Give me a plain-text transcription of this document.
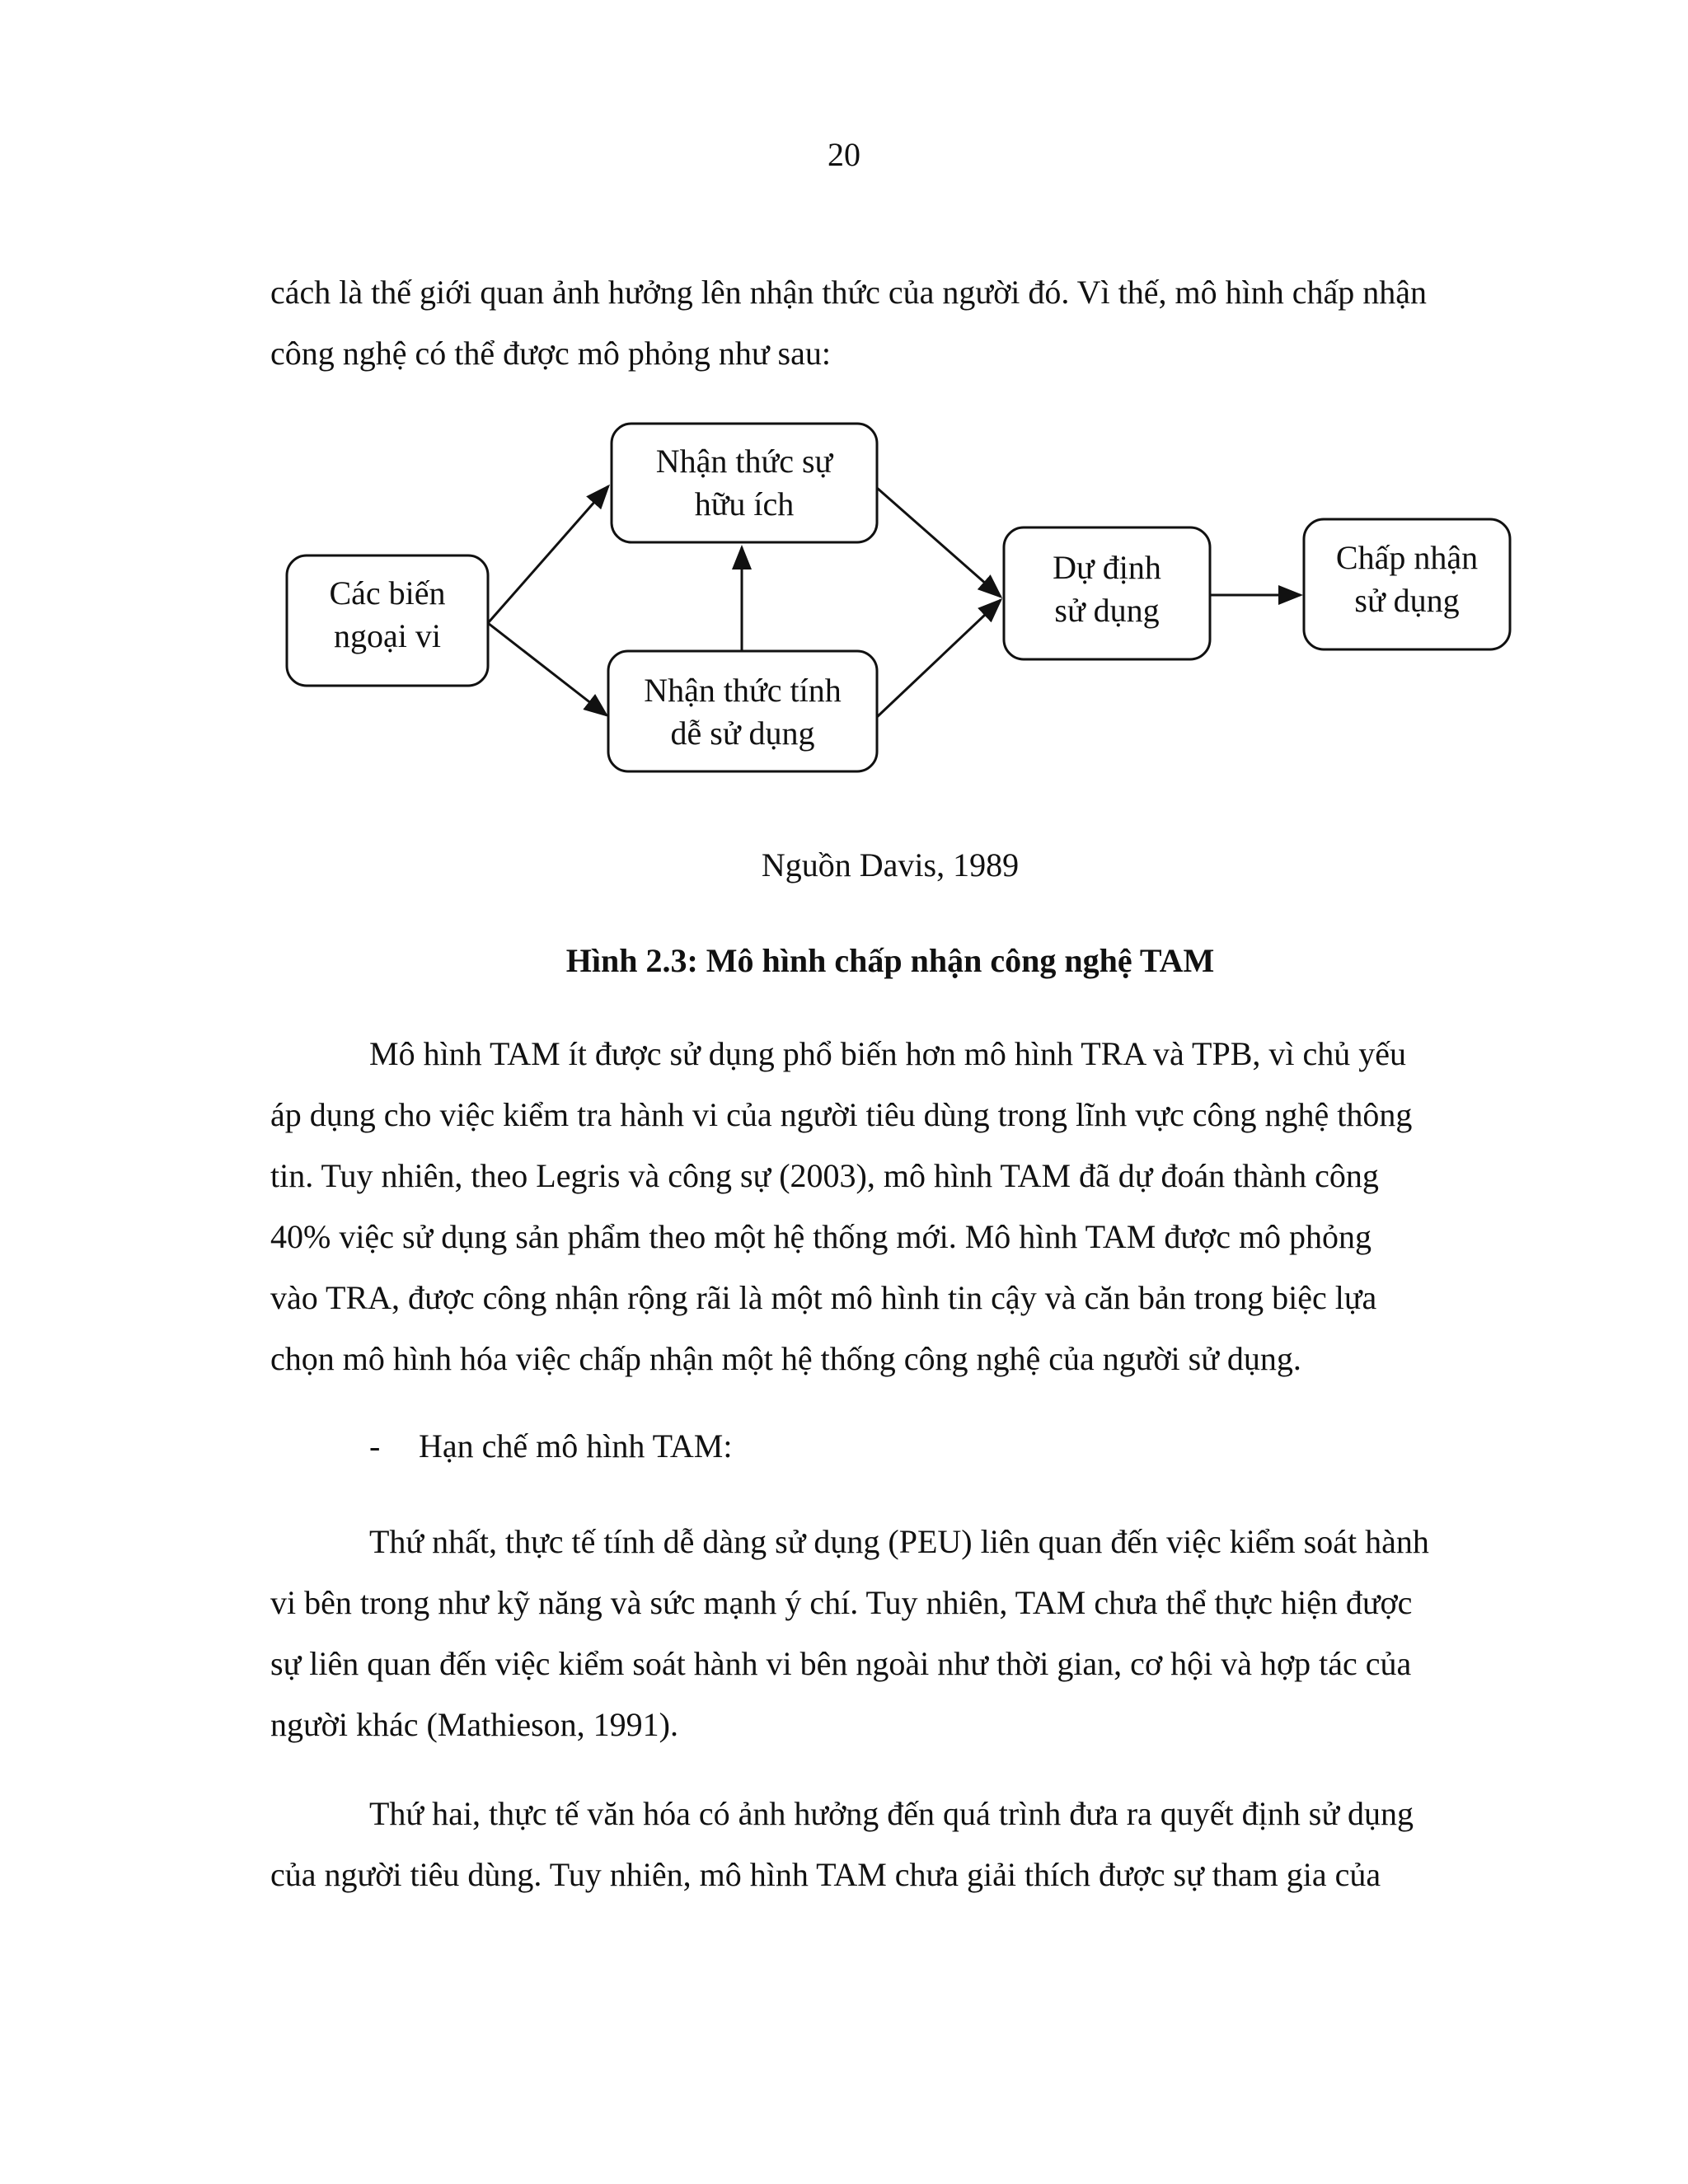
20
cách là thế giới quan ảnh hưởng lên nhận thức của người đó. Vì thế, mô hình chấp nhận
công nghệ có thể được mô phỏng như sau:
Các biến
ngoại vi
Nhận thức sự
hữu ích
Nhận thức tính
dễ sử dụng
Dự định
sử dụng
Chấp nhận
sử dụng
Nguồn Davis, 1989
Hình 2.3: Mô hình chấp nhận công nghệ TAM
Mô hình TAM ít được sử dụng phổ biến hơn mô hình TRA và TPB, vì chủ yếu
áp dụng cho việc kiểm tra hành vi của người tiêu dùng trong lĩnh vực công nghệ thông
tin. Tuy nhiên, theo Legris và công sự (2003), mô hình TAM đã dự đoán thành công
40% việc sử dụng sản phẩm theo một hệ thống mới. Mô hình TAM được mô phỏng
vào TRA, được công nhận rộng rãi là một mô hình tin cậy và căn bản trong biệc lựa
chọn mô hình hóa việc chấp nhận một hệ thống công nghệ của người sử dụng.
- Hạn chế mô hình TAM:
Thứ nhất, thực tế tính dễ dàng sử dụng (PEU) liên quan đến việc kiểm soát hành
vi bên trong như kỹ năng và sức mạnh ý chí. Tuy nhiên, TAM chưa thể thực hiện được
sự liên quan đến việc kiểm soát hành vi bên ngoài như thời gian, cơ hội và hợp tác của
người khác (Mathieson, 1991).
Thứ hai, thực tế văn hóa có ảnh hưởng đến quá trình đưa ra quyết định sử dụng
của người tiêu dùng. Tuy nhiên, mô hình TAM chưa giải thích được sự tham gia của
